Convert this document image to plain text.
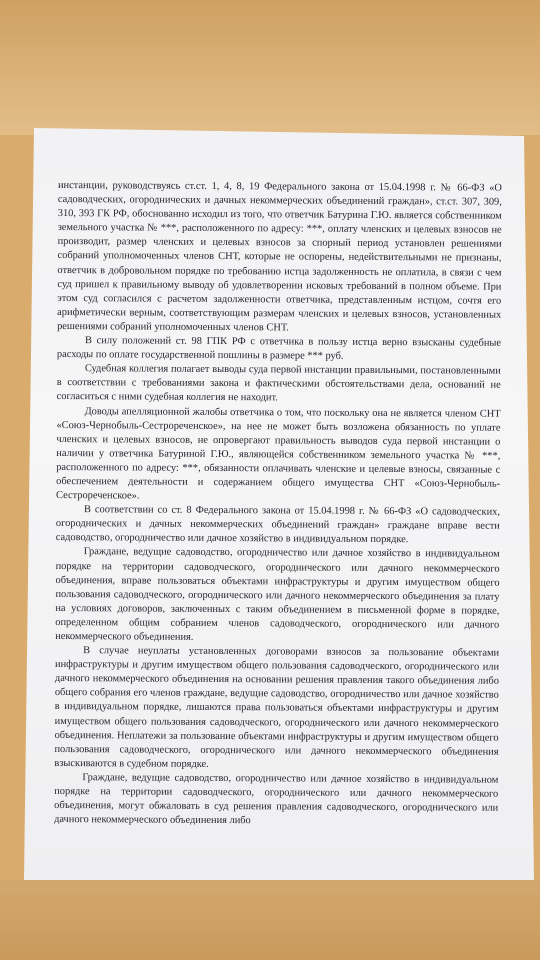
инстанции, руководствуясь ст.ст. 1, 4, 8, 19 Федерального закона от 15.04.1998 г. № 66-ФЗ «О садоводческих, огороднических и дачных некоммерческих объединений граждан», ст.ст. 307, 309, 310, 393 ГК РФ, обоснованно исходил из того, что ответчик Батурина Г.Ю. является собственником земельного участка № ***, расположенного по адресу: ***, оплату членских и целевых взносов не производит, размер членских и целевых взносов за спорный период установлен решениями собраний уполномоченных членов СНТ, которые не оспорены, недействительными не признаны, ответчик в добровольном порядке по требованию истца задолженность не оплатила, в связи с чем суд пришел к правильному выводу об удовлетворении исковых требований в полном объеме. При этом суд согласился с расчетом задолженности ответчика, представленным истцом, сочтя его арифметически верным, соответствующим размерам членских и целевых взносов, установленных решениями собраний уполномоченных членов СНТ.

В силу положений ст. 98 ГПК РФ с ответчика в пользу истца верно взысканы судебные расходы по оплате государственной пошлины в размере *** руб.

Судебная коллегия полагает выводы суда первой инстанции правильными, постановленными в соответствии с требованиями закона и фактическими обстоятельствами дела, оснований не согласиться с ними судебная коллегия не находит.

Доводы апелляционной жалобы ответчика о том, что поскольку она не является членом СНТ «Союз-Чернобыль-Сестрореченское», на нее не может быть возложена обязанность по уплате членских и целевых взносов, не опровергают правильность выводов суда первой инстанции о наличии у ответчика Батуриной Г.Ю., являющейся собственником земельного участка № ***, расположенного по адресу: ***, обязанности оплачивать членские и целевые взносы, связанные с обеспечением деятельности и содержанием общего имущества СНТ «Союз-Чернобыль-Сестрореченское».

В соответствии со ст. 8 Федерального закона от 15.04.1998 г. № 66-ФЗ «О садоводческих, огороднических и дачных некоммерческих объединений граждан» граждане вправе вести садоводство, огородничество или дачное хозяйство в индивидуальном порядке.

Граждане, ведущие садоводство, огородничество или дачное хозяйство в индивидуальном порядке на территории садоводческого, огороднического или дачного некоммерческого объединения, вправе пользоваться объектами инфраструктуры и другим имуществом общего пользования садоводческого, огороднического или дачного некоммерческого объединения за плату на условиях договоров, заключенных с таким объединением в письменной форме в порядке, определенном общим собранием членов садоводческого, огороднического или дачного некоммерческого объединения.

В случае неуплаты установленных договорами взносов за пользование объектами инфраструктуры и другим имуществом общего пользования садоводческого, огороднического или дачного некоммерческого объединения на основании решения правления такого объединения либо общего собрания его членов граждане, ведущие садоводство, огородничество или дачное хозяйство в индивидуальном порядке, лишаются права пользоваться объектами инфраструктуры и другим имуществом общего пользования садоводческого, огороднического или дачного некоммерческого объединения. Неплатежи за пользование объектами инфраструктуры и другим имуществом общего пользования садоводческого, огороднического или дачного некоммерческого объединения взыскиваются в судебном порядке.

Граждане, ведущие садоводство, огородничество или дачное хозяйство в индивидуальном порядке на территории садоводческого, огороднического или дачного некоммерческого объединения, могут обжаловать в суд решения правления садоводческого, огороднического или дачного некоммерческого объединения либо
